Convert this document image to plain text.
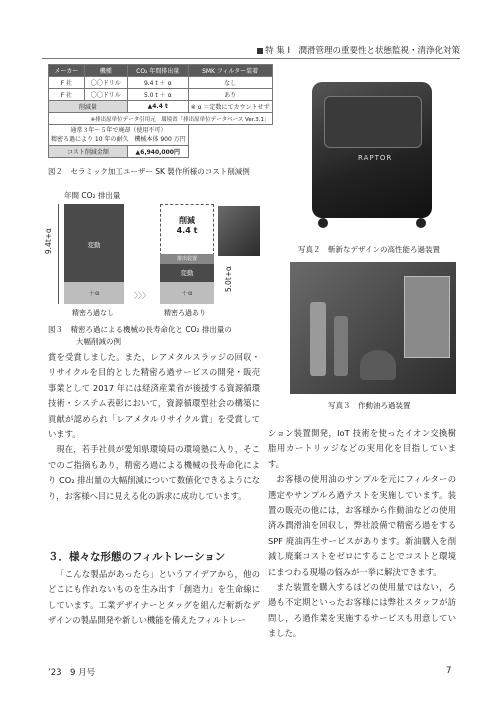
特 集 Ⅰ　潤滑管理の重要性と状態監視・清浄化対策
メーカー	機種	CO₂ 年間排出量	SMK フィルター装着
F 社	〇〇ドリル	9.4 t ＋ α	なし
F 社	〇〇ドリル	5.0 t ＋ α	あり
削減量		▲4.4 t	※ α ＝定数にてカウントせず
※排出原単位データ引用元　環境省「排出原単位データベース Ver.3.1」			
通常３年～５年で廃却（使用不可）
精密ろ過により 10 年の耐久　機械本体 900 万円			
コスト削減金額		▲6,940,000円	
図２　セラミック加工ユーザー SK 製作所様のコスト削減例
RAPTOR
写真２　斬新なデザインの高性能ろ過装置
年間 CO₂ 排出量
9.4t+α	変動
＋α	〉〉〉
削減
4.4 t
排出装置
変動
＋α
5.0t+α
精密ろ過なし	精密ろ過あり
図３　精密ろ過による機械の長寿命化と CO₂ 排出量の
大幅削減の例
写真３　作動油ろ過装置

賞を受賞しました。また，レアメタルスラッジの回収・リサイクルを目的とした精密ろ過サービスの開発・販売事業として 2017 年には経済産業省が後援する資源循環技術・システム表彰において，資源循環型社会の構築に貢献が認められ「レアメタルリサイクル賞」を受賞しています。

現在，若手社員が愛知県環境局の環境塾に入り，そこでのご指摘もあり，精密ろ過による機械の長寿命化により CO₂ 排出量の大幅削減について数値化できるようになり，お客様へ目に見える化の訴求に成功しています。

３．様々な形態のフィルトレーション

「こんな製品があったら」というアイデアから，他のどこにも作れないものを生み出す「創造力」を生命線にしています。工業デザイナーとタッグを組んだ斬新なデザインの製品開発や新しい機能を備えたフィルトレー

ション装置開発，IoT 技術を使ったイオン交換樹脂用カートリッジなどの実用化を目指しています。

お客様の使用油のサンプルを元にフィルターの選定やサンプルろ過テストを実施しています。装置の販売の他には，お客様から作動油などの使用済み潤滑油を回収し，弊社設備で精密ろ過をする SPF 廃油再生サービスがあります。新油購入を削減し廃棄コストをゼロにすることでコストと環境にまつわる現場の悩みが一挙に解決できます。

また装置を購入するほどの使用量ではない，ろ過も不定期といったお客様には弊社スタッフが訪問し，ろ過作業を実施するサービスも用意していました。

’23　9 月号	7
